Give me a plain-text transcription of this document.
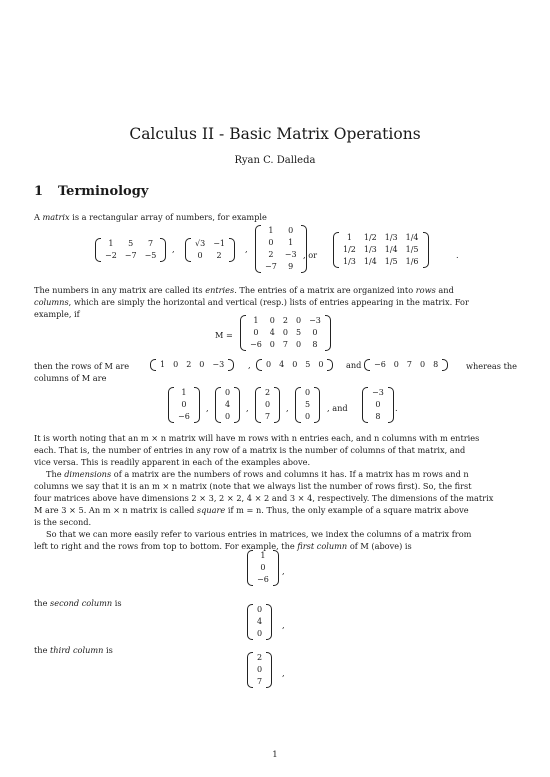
Calculus II - Basic Matrix Operations
Ryan C. Dalleda
1 Terminology
A matrix is a rectangular array of numbers, for example
1	5	7
−2	−7	−5
,
√3	−1
0	2
,
1	0
0	1
2	−3
−7	9
, or
1	1/2	1/3	1/4
1/2	1/3	1/4	1/5
1/3	1/4	1/5	1/6
.
The numbers in any matrix are called its entries. The entries of a matrix are organized into rows and
columns, which are simply the horizontal and vertical (resp.) lists of entries appearing in the matrix. For
example, if
M =
1	0	2	0	−3
0	4	0	5	0
−6	0	7	0	8
then the rows of M are	1	0	2	0	−3	, 0	4	0	5	0	and −6	0	7	0	8	whereas the
columns of M are
1
0
−6
,
0
4
0
,
2
0
7
,
0
5
0
, and
−3
0
8
.
It is worth noting that an m × n matrix will have m rows with n entries each, and n columns with m entries
each. That is, the number of entries in any row of a matrix is the number of columns of that matrix, and
vice versa. This is readily apparent in each of the examples above.
The dimensions of a matrix are the numbers of rows and columns it has. If a matrix has m rows and n
columns we say that it is an m × n matrix (note that we always list the number of rows first). So, the first
four matrices above have dimensions 2 × 3, 2 × 2, 4 × 2 and 3 × 4, respectively. The dimensions of the matrix
M are 3 × 5. An m × n matrix is called square if m = n. Thus, the only example of a square matrix above
is the second.
So that we can more easily refer to various entries in matrices, we index the columns of a matrix from
left to right and the rows from top to bottom. For example, the first column of M (above) is
1
0
−6
,
the second column is
0
4
0
,
the third column is
2
0
7
,
1
